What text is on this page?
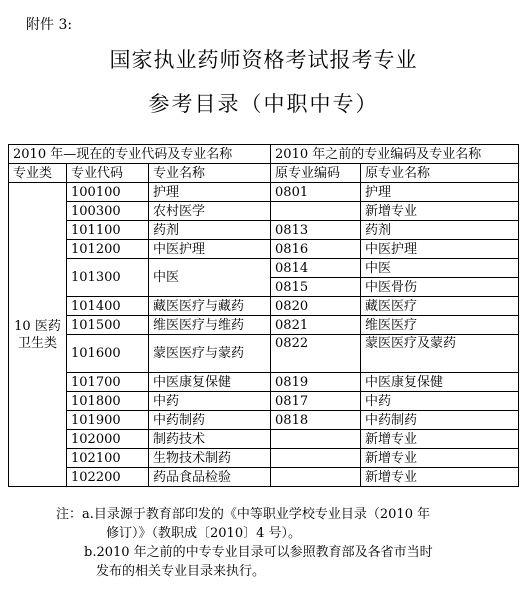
附件 3:
国家执业药师资格考试报考专业
参考目录（中职中专）
2010 年—现在的专业代码及专业名称			2010 年之前的专业编码及专业名称	
专业类	专业代码	专业名称	原专业编码	原专业名称
10 医药卫生类	100100	护理	0801	护理
	100300	农村医学		新增专业
	101100	药剂	0813	药剂
	101200	中医护理	0816	中医护理
	101300	中医	0814	中医
			0815	中医骨伤
	101400	藏医医疗与藏药	0820	藏医医疗
	101500	维医医疗与维药	0821	维医医疗
	101600	蒙医医疗与蒙药	0822	蒙医医疗及蒙药
	101700	中医康复保健	0819	中医康复保健
	101800	中药	0817	中药
	101900	中药制药	0818	中药制药
	102000	制药技术		新增专业
	102100	生物技术制药		新增专业
	102200	药品食品检验		新增专业
注：a.目录源于教育部印发的《中等职业学校专业目录（2010 年
修订）》（教职成〔2010〕4 号）。
b.2010 年之前的中专专业目录可以参照教育部及各省市当时
发布的相关专业目录来执行。
